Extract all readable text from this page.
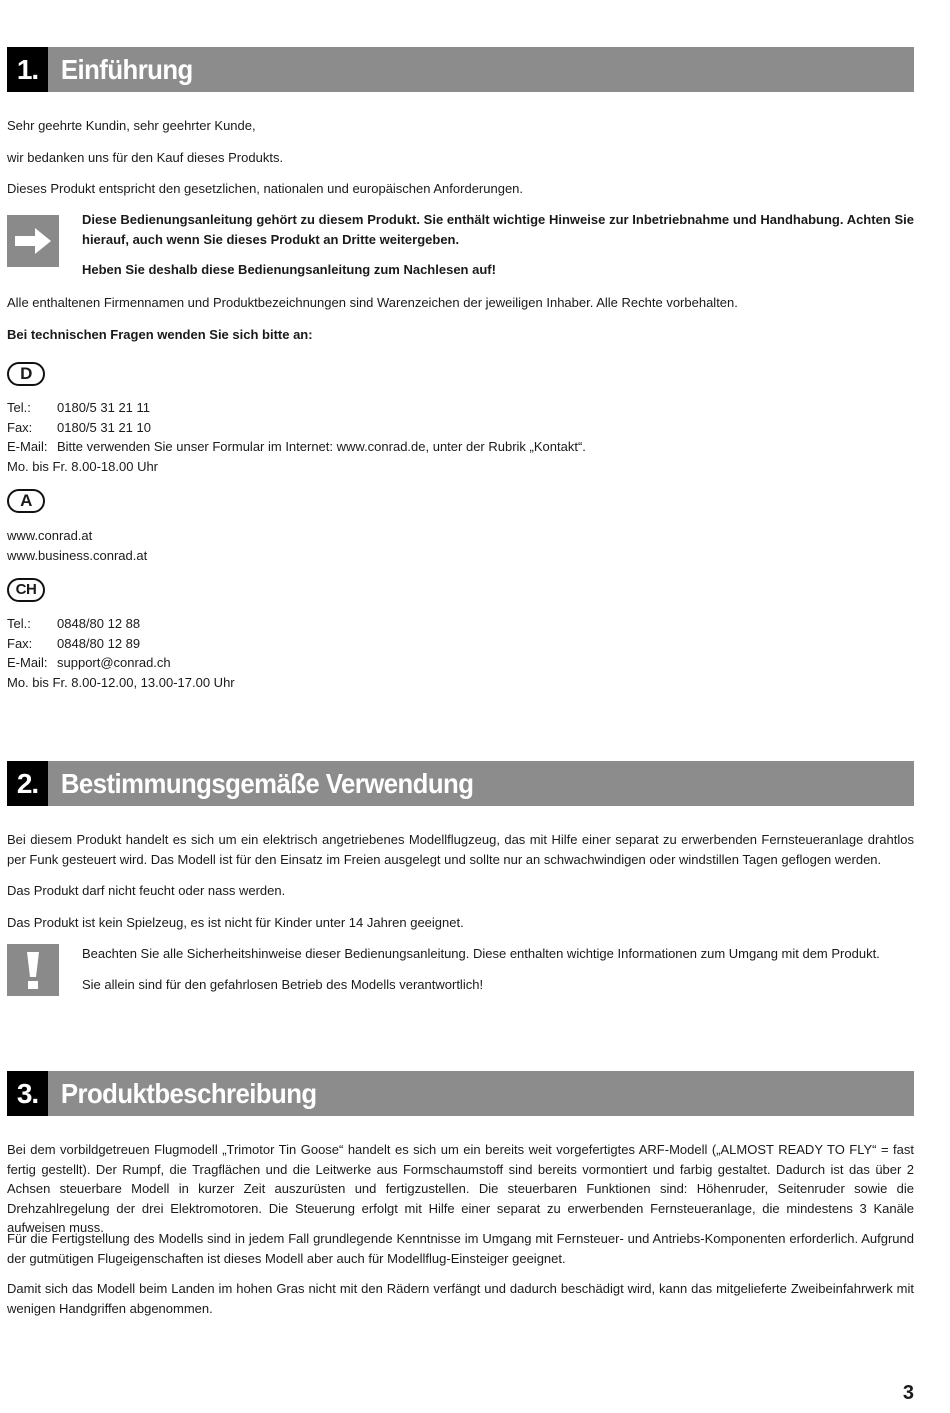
1. Einführung

Sehr geehrte Kundin, sehr geehrter Kunde,

wir bedanken uns für den Kauf dieses Produkts.

Dieses Produkt entspricht den gesetzlichen, nationalen und europäischen Anforderungen.

Diese Bedienungsanleitung gehört zu diesem Produkt. Sie enthält wichtige Hinweise zur Inbetriebnahme und Handhabung. Achten Sie hierauf, auch wenn Sie dieses Produkt an Dritte weitergeben.

Heben Sie deshalb diese Bedienungsanleitung zum Nachlesen auf!

Alle enthaltenen Firmennamen und Produktbezeichnungen sind Warenzeichen der jeweiligen Inhaber. Alle Rechte vorbehalten.

Bei technischen Fragen wenden Sie sich bitte an:

D
Tel.:	0180/5 31 21 11
Fax:	0180/5 31 21 10
E-Mail: Bitte verwenden Sie unser Formular im Internet: www.conrad.de, unter der Rubrik „Kontakt“.
Mo. bis Fr. 8.00-18.00 Uhr
A
www.conrad.at
www.business.conrad.at
CH
Tel.:	0848/80 12 88
Fax:	0848/80 12 89
E-Mail: support@conrad.ch
Mo. bis Fr. 8.00-12.00, 13.00-17.00 Uhr
2. Bestimmungsgemäße Verwendung

Bei diesem Produkt handelt es sich um ein elektrisch angetriebenes Modellflugzeug, das mit Hilfe einer separat zu erwerbenden Fernsteueranlage drahtlos per Funk gesteuert wird. Das Modell ist für den Einsatz im Freien ausgelegt und sollte nur an schwachwindigen oder windstillen Tagen geflogen werden.

Das Produkt darf nicht feucht oder nass werden.

Das Produkt ist kein Spielzeug, es ist nicht für Kinder unter 14 Jahren geeignet.

Beachten Sie alle Sicherheitshinweise dieser Bedienungsanleitung. Diese enthalten wichtige Informationen zum Umgang mit dem Produkt.

Sie allein sind für den gefahrlosen Betrieb des Modells verantwortlich!

3. Produktbeschreibung

Bei dem vorbildgetreuen Flugmodell „Trimotor Tin Goose“ handelt es sich um ein bereits weit vorgefertigtes ARF-Modell („ALMOST READY TO FLY“ = fast fertig gestellt). Der Rumpf, die Tragflächen und die Leitwerke aus Formschaumstoff sind bereits vormontiert und farbig gestaltet. Dadurch ist das über 2 Achsen steuerbare Modell in kurzer Zeit auszurüsten und fertigzustellen. Die steuerbaren Funktionen sind: Höhenruder, Seitenruder sowie die Drehzahlregelung der drei Elektromotoren. Die Steuerung erfolgt mit Hilfe einer separat zu erwerbenden Fernsteueranlage, die mindestens 3 Kanäle aufweisen muss.

Für die Fertigstellung des Modells sind in jedem Fall grundlegende Kenntnisse im Umgang mit Fernsteuer- und Antriebs-Komponenten erforderlich. Aufgrund der gutmütigen Flugeigenschaften ist dieses Modell aber auch für Modellflug-Einsteiger geeignet.

Damit sich das Modell beim Landen im hohen Gras nicht mit den Rädern verfängt und dadurch beschädigt wird, kann das mitgelieferte Zweibeinfahrwerk mit wenigen Handgriffen abgenommen.

3
